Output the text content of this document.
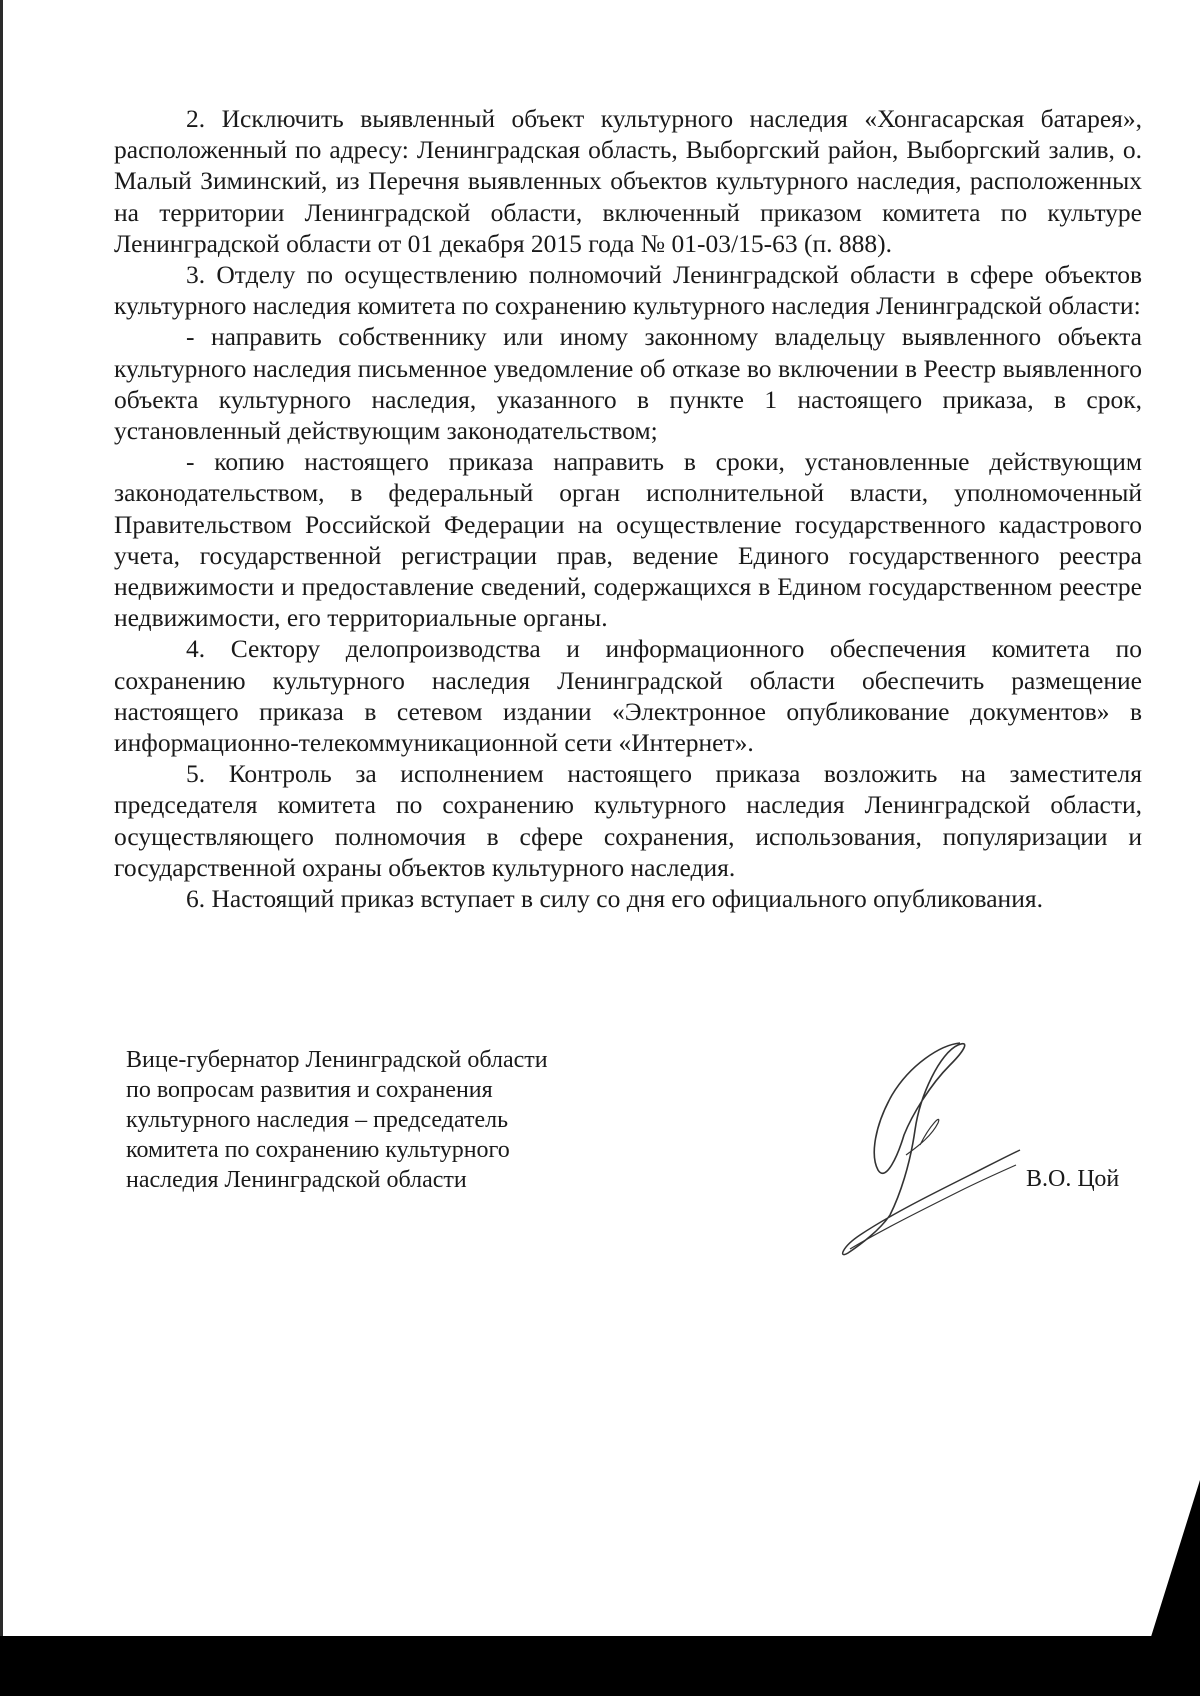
2. Исключить выявленный объект культурного наследия «Хонгасарская батарея», расположенный по адресу: Ленинградская область, Выборгский район, Выборгский залив, о. Малый Зиминский, из Перечня выявленных объектов культурного наследия, расположенных на территории Ленинградской области, включенный приказом комитета по культуре Ленинградской области от 01 декабря 2015 года № 01-03/15-63 (п. 888).

3. Отделу по осуществлению полномочий Ленинградской области в сфере объектов культурного наследия комитета по сохранению культурного наследия Ленинградской области:

- направить собственнику или иному законному владельцу выявленного объекта культурного наследия письменное уведомление об отказе во включении в Реестр выявленного объекта культурного наследия, указанного в пункте 1 настоящего приказа, в срок, установленный действующим законодательством;

- копию настоящего приказа направить в сроки, установленные действующим законодательством, в федеральный орган исполнительной власти, уполномоченный Правительством Российской Федерации на осуществление государственного кадастрового учета, государственной регистрации прав, ведение Единого государственного реестра недвижимости и предоставление сведений, содержащихся в Едином государственном реестре недвижимости, его территориальные органы.

4. Сектору делопроизводства и информационного обеспечения комитета по сохранению культурного наследия Ленинградской области обеспечить размещение настоящего приказа в сетевом издании «Электронное опубликование документов» в информационно-телекоммуникационной сети «Интернет».

5. Контроль за исполнением настоящего приказа возложить на заместителя председателя комитета по сохранению культурного наследия Ленинградской области, осуществляющего полномочия в сфере сохранения, использования, популяризации и государственной охраны объектов культурного наследия.

6. Настоящий приказ вступает в силу со дня его официального опубликования.

Вице-губернатор Ленинградской области
по вопросам развития и сохранения
культурного наследия – председатель
комитета по сохранению культурного
наследия Ленинградской области	В.О. Цой
